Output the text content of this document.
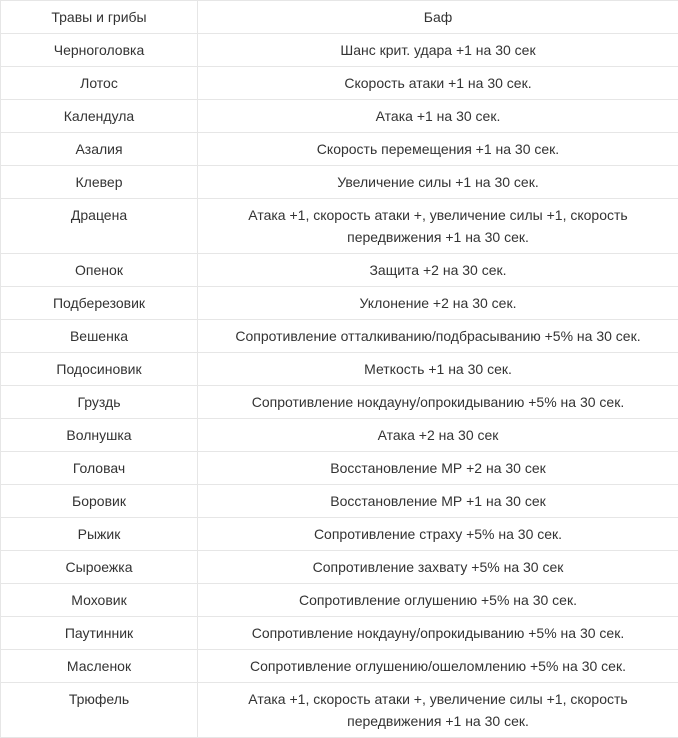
Травы и грибы	Баф
Черноголовка	Шанс крит. удара +1 на 30 сек
Лотос	Скорость атаки +1 на 30 сек.
Календула	Атака +1 на 30 сек.
Азалия	Скорость перемещения +1 на 30 сек.
Клевер	Увеличение силы +1 на 30 сек.
Драцена	Атака +1, скорость атаки +, увеличение силы +1, скорость передвижения +1 на 30 сек.
Опенок	Защита +2 на 30 сек.
Подберезовик	Уклонение +2 на 30 сек.
Вешенка	Сопротивление отталкиванию/подбрасыванию +5% на 30 сек.
Подосиновик	Меткость +1 на 30 сек.
Груздь	Сопротивление нокдауну/опрокидыванию +5% на 30 сек.
Волнушка	Атака +2 на 30 сек
Головач	Восстановление МР +2 на 30 сек
Боровик	Восстановление МР +1 на 30 сек
Рыжик	Сопротивление страху +5% на 30 сек.
Сыроежка	Сопротивление захвату +5% на 30 сек
Моховик	Сопротивление оглушению +5% на 30 сек.
Паутинник	Сопротивление нокдауну/опрокидыванию +5% на 30 сек.
Масленок	Сопротивление оглушению/ошеломлению +5% на 30 сек.
Трюфель	Атака +1, скорость атаки +, увеличение силы +1, скорость передвижения +1 на 30 сек.
